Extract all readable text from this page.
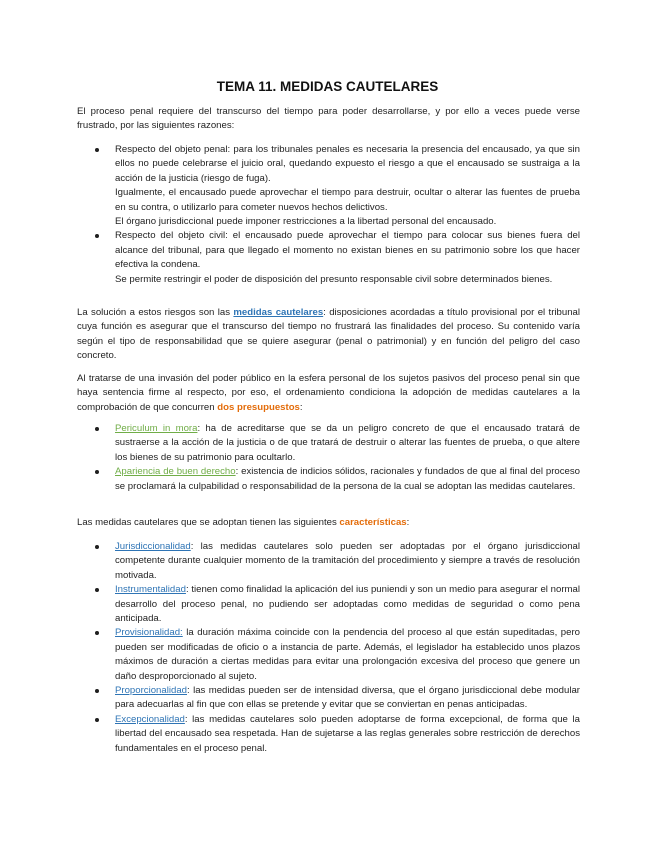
TEMA 11. MEDIDAS CAUTELARES

El proceso penal requiere del transcurso del tiempo para poder desarrollarse, y por ello a veces puede verse frustrado, por las siguientes razones:

Respecto del objeto penal: para los tribunales penales es necesaria la presencia del encausado, ya que sin ellos no puede celebrarse el juicio oral, quedando expuesto el riesgo a que el encausado se sustraiga a la acción de la justicia (riesgo de fuga).
Igualmente, el encausado puede aprovechar el tiempo para destruir, ocultar o alterar las fuentes de prueba en su contra, o utilizarlo para cometer nuevos hechos delictivos.
El órgano jurisdiccional puede imponer restricciones a la libertad personal del encausado.
Respecto del objeto civil: el encausado puede aprovechar el tiempo para colocar sus bienes fuera del alcance del tribunal, para que llegado el momento no existan bienes en su patrimonio sobre los que hacer efectiva la condena.
Se permite restringir el poder de disposición del presunto responsable civil sobre determinados bienes.

La solución a estos riesgos son las medidas cautelares: disposiciones acordadas a título provisional por el tribunal cuya función es asegurar que el transcurso del tiempo no frustrará las finalidades del proceso. Su contenido varía según el tipo de responsabilidad que se quiere asegurar (penal o patrimonial) y en función del peligro del caso concreto.

Al tratarse de una invasión del poder público en la esfera personal de los sujetos pasivos del proceso penal sin que haya sentencia firme al respecto, por eso, el ordenamiento condiciona la adopción de medidas cautelares a la comprobación de que concurren dos presupuestos:

Periculum in mora: ha de acreditarse que se da un peligro concreto de que el encausado tratará de sustraerse a la acción de la justicia o de que tratará de destruir o alterar las fuentes de prueba, o que altere los bienes de su patrimonio para ocultarlo.
Apariencia de buen derecho: existencia de indicios sólidos, racionales y fundados de que al final del proceso se proclamará la culpabilidad o responsabilidad de la persona de la cual se adoptan las medidas cautelares.

Las medidas cautelares que se adoptan tienen las siguientes características:

Jurisdiccionalidad: las medidas cautelares solo pueden ser adoptadas por el órgano jurisdiccional competente durante cualquier momento de la tramitación del procedimiento y siempre a través de resolución motivada.
Instrumentalidad: tienen como finalidad la aplicación del ius puniendi y son un medio para asegurar el normal desarrollo del proceso penal, no pudiendo ser adoptadas como medidas de seguridad o como pena anticipada.
Provisionalidad: la duración máxima coincide con la pendencia del proceso al que están supeditadas, pero pueden ser modificadas de oficio o a instancia de parte. Además, el legislador ha establecido unos plazos máximos de duración a ciertas medidas para evitar una prolongación excesiva del proceso que genere un daño desproporcionado al sujeto.
Proporcionalidad: las medidas pueden ser de intensidad diversa, que el órgano jurisdiccional debe modular para adecuarlas al fin que con ellas se pretende y evitar que se conviertan en penas anticipadas.
Excepcionalidad: las medidas cautelares solo pueden adoptarse de forma excepcional, de forma que la libertad del encausado sea respetada. Han de sujetarse a las reglas generales sobre restricción de derechos fundamentales en el proceso penal.
